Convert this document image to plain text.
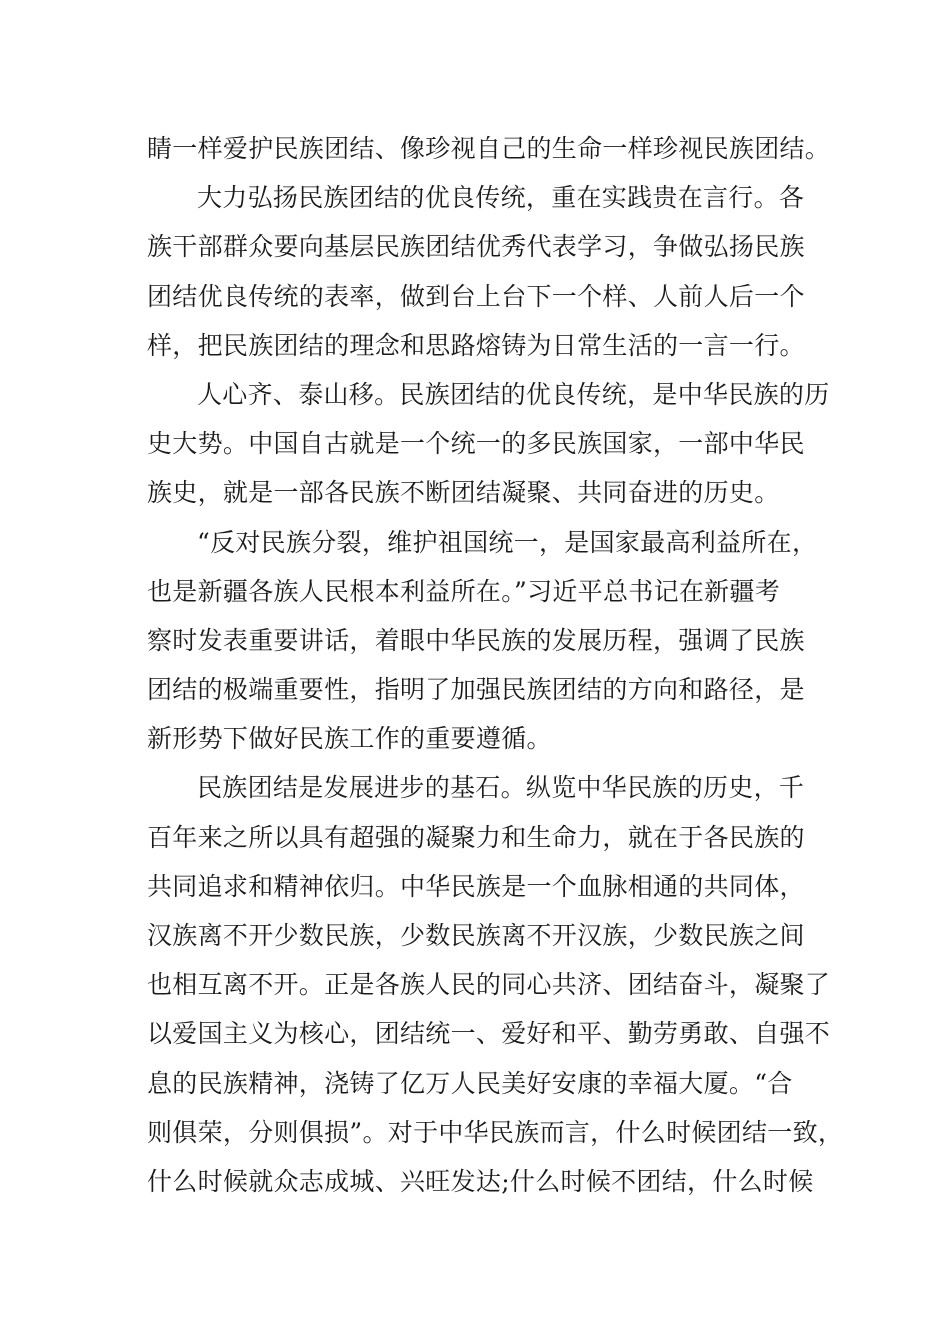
睛一样爱护民族团结、像珍视自己的生命一样珍视民族团结。
大力弘扬民族团结的优良传统，重在实践贵在言行。各
族干部群众要向基层民族团结优秀代表学习，争做弘扬民族
团结优良传统的表率，做到台上台下一个样、人前人后一个
样，把民族团结的理念和思路熔铸为日常生活的一言一行。
人心齐、泰山移。民族团结的优良传统，是中华民族的历
史大势。中国自古就是一个统一的多民族国家，一部中华民
族史，就是一部各民族不断团结凝聚、共同奋进的历史。
“反对民族分裂，维护祖国统一，是国家最高利益所在，
也是新疆各族人民根本利益所在。”习近平总书记在新疆考
察时发表重要讲话，着眼中华民族的发展历程，强调了民族
团结的极端重要性，指明了加强民族团结的方向和路径，是
新形势下做好民族工作的重要遵循。
民族团结是发展进步的基石。纵览中华民族的历史，千
百年来之所以具有超强的凝聚力和生命力，就在于各民族的
共同追求和精神依归。中华民族是一个血脉相通的共同体，
汉族离不开少数民族，少数民族离不开汉族，少数民族之间
也相互离不开。正是各族人民的同心共济、团结奋斗，凝聚了
以爱国主义为核心，团结统一、爱好和平、勤劳勇敢、自强不
息的民族精神，浇铸了亿万人民美好安康的幸福大厦。“合
则俱荣，分则俱损”。对于中华民族而言，什么时候团结一致，
什么时候就众志成城、兴旺发达;什么时候不团结，什么时候
